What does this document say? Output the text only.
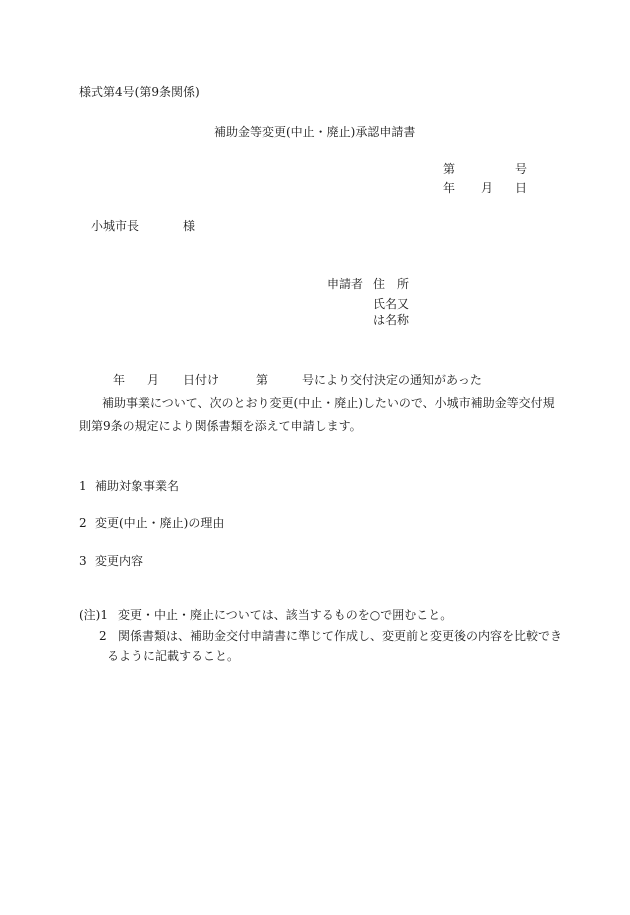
様式第4号(第9条関係)
補助金等変更(中止・廃止)承認申請書
第	号
年 月 日
小城市長	様
申請者 住　所
氏名又
は名称
年 月 日付け	第	号により交付決定の通知があった
補助事業について、次のとおり変更(中止・廃止)したいので、小城市補助金等交付規
則第9条の規定により関係書類を添えて申請します。
1 補助対象事業名
2 変更(中止・廃止)の理由
3 変更内容
(注)1 変更・中止・廃止については、該当するものを○で囲むこと。
2 関係書類は、補助金交付申請書に準じて作成し、変更前と変更後の内容を比較でき
るように記載すること。
